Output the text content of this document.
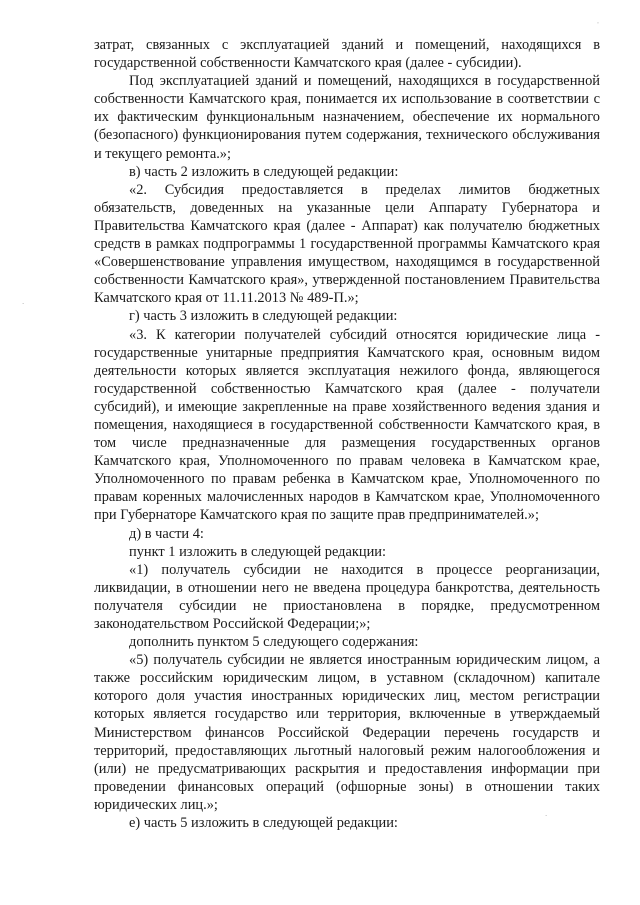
ˑ
·
·

затрат, связанных с эксплуатацией зданий и помещений, находящихся в государственной собственности Камчатского края (далее - субсидии).

Под эксплуатацией зданий и помещений, находящихся в государственной собственности Камчатского края, понимается их использование в соответствии с их фактическим функциональным назначением, обеспечение их нормального (безопасного) функционирования путем содержания, технического обслуживания и текущего ремонта.»;

в) часть 2 изложить в следующей редакции:

«2. Субсидия предоставляется в пределах лимитов бюджетных обязательств, доведенных на указанные цели Аппарату Губернатора и Правительства Камчатского края (далее - Аппарат) как получателю бюджетных средств в рамках подпрограммы 1 государственной программы Камчатского края «Совершенствование управления имуществом, находящимся в государственной собственности Камчатского края», утвержденной постановлением Правительства Камчатского края от 11.11.2013 № 489-П.»;

г) часть 3 изложить в следующей редакции:

«3. К категории получателей субсидий относятся юридические лица - государственные унитарные предприятия Камчатского края, основным видом деятельности которых является эксплуатация нежилого фонда, являющегося государственной собственностью Камчатского края (далее - получатели субсидий), и имеющие закрепленные на праве хозяйственного ведения здания и помещения, находящиеся в государственной собственности Камчатского края, в том числе предназначенные для размещения государственных органов Камчатского края, Уполномоченного по правам человека в Камчатском крае, Уполномоченного по правам ребенка в Камчатском крае, Уполномоченного по правам коренных малочисленных народов в Камчатском крае, Уполномоченного при Губернаторе Камчатского края по защите прав предпринимателей.»;

д) в части 4:

пункт 1 изложить в следующей редакции:

«1) получатель субсидии не находится в процессе реорганизации, ликвидации, в отношении него не введена процедура банкротства, деятельность получателя субсидии не приостановлена в порядке, предусмотренном законодательством Российской Федерации;»;

дополнить пунктом 5 следующего содержания:

«5) получатель субсидии не является иностранным юридическим лицом, а также российским юридическим лицом, в уставном (складочном) капитале которого доля участия иностранных юридических лиц, местом регистрации которых является государство или территория, включенные в утверждаемый Министерством финансов Российской Федерации перечень государств и территорий, предоставляющих льготный налоговый режим налогообложения и (или) не предусматривающих раскрытия и предоставления информации при проведении финансовых операций (офшорные зоны) в отношении таких юридических лиц.»;

е) часть 5 изложить в следующей редакции:
